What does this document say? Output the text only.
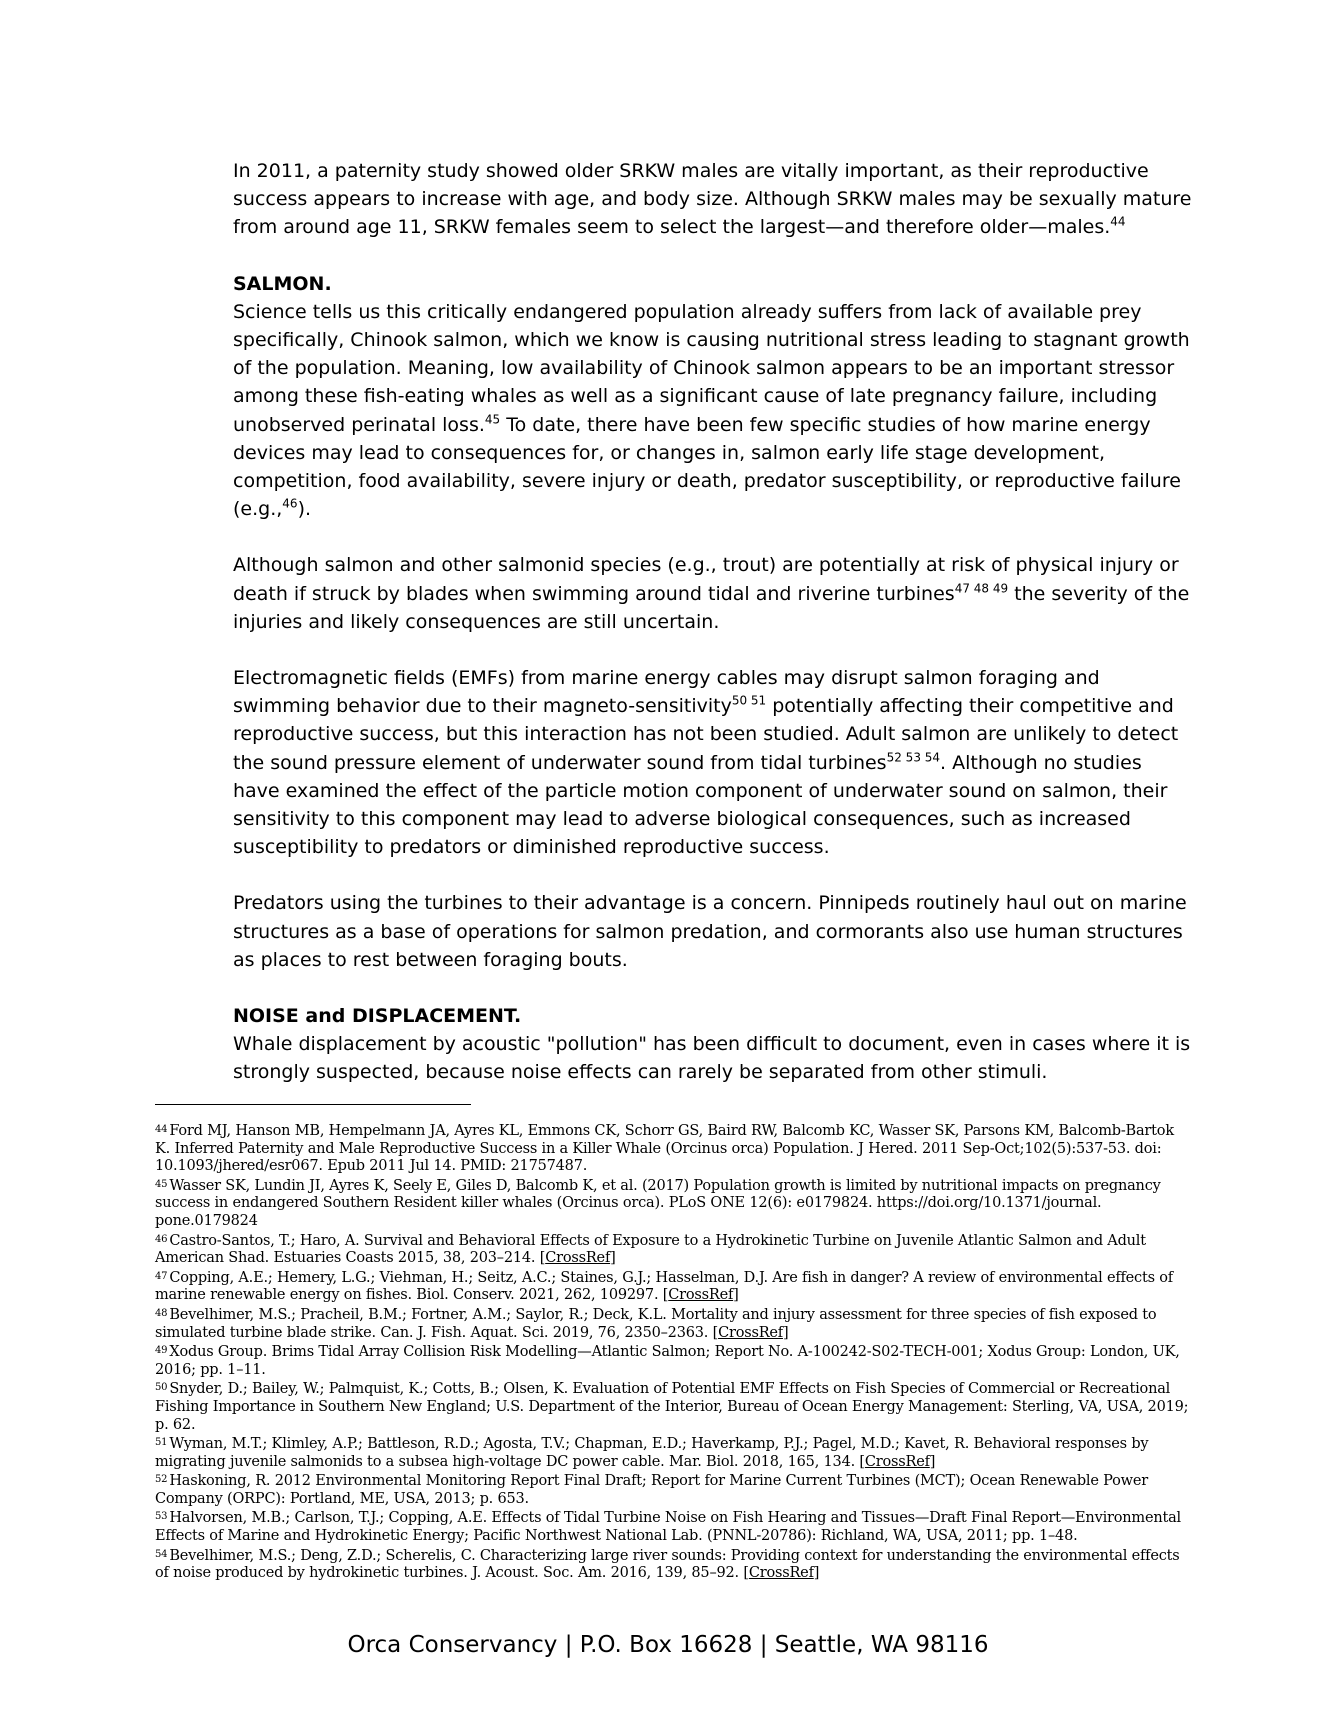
In 2011, a paternity study showed older SRKW males are vitally important, as their reproductive success appears to increase with age, and body size. Although SRKW males may be sexually mature from around age 11, SRKW females seem to select the largest—and therefore older—males.$^{44}$

SALMON.

Science tells us this critically endangered population already suffers from lack of available prey specifically, Chinook salmon, which we know is causing nutritional stress leading to stagnant growth of the population. Meaning, low availability of Chinook salmon appears to be an important stressor among these fish-eating whales as well as a significant cause of late pregnancy failure, including unobserved perinatal loss.$^{45}$ To date, there have been few specific studies of how marine energy devices may lead to consequences for, or changes in, salmon early life stage development, competition, food availability, severe injury or death, predator susceptibility, or reproductive failure (e.g.,$^{46}$).

Although salmon and other salmonid species (e.g., trout) are potentially at risk of physical injury or death if struck by blades when swimming around tidal and riverine turbines$^{47 48 49}$ the severity of the injuries and likely consequences are still uncertain.

Electromagnetic fields (EMFs) from marine energy cables may disrupt salmon foraging and swimming behavior due to their magneto-sensitivity$^{50 51}$ potentially affecting their competitive and reproductive success, but this interaction has not been studied. Adult salmon are unlikely to detect the sound pressure element of underwater sound from tidal turbines$^{52 53 54}$. Although no studies have examined the effect of the particle motion component of underwater sound on salmon, their sensitivity to this component may lead to adverse biological consequences, such as increased susceptibility to predators or diminished reproductive success.

Predators using the turbines to their advantage is a concern. Pinnipeds routinely haul out on marine structures as a base of operations for salmon predation, and cormorants also use human structures as places to rest between foraging bouts.

NOISE and DISPLACEMENT.

Whale displacement by acoustic "pollution" has been difficult to document, even in cases where it is strongly suspected, because noise effects can rarely be separated from other stimuli.

$^{44}$ Ford MJ, Hanson MB, Hempelmann JA, Ayres KL, Emmons CK, Schorr GS, Baird RW, Balcomb KC, Wasser SK, Parsons KM, Balcomb-Bartok K. Inferred Paternity and Male Reproductive Success in a Killer Whale (Orcinus orca) Population. J Hered. 2011 Sep-Oct;102(5):537-53. doi: 10.1093/jhered/esr067. Epub 2011 Jul 14. PMID: 21757487.

$^{45}$ Wasser SK, Lundin JI, Ayres K, Seely E, Giles D, Balcomb K, et al. (2017) Population growth is limited by nutritional impacts on pregnancy success in endangered Southern Resident killer whales (Orcinus orca). PLoS ONE 12(6): e0179824. https://doi.org/10.1371/journal. pone.0179824

$^{46}$ Castro-Santos, T.; Haro, A. Survival and Behavioral Effects of Exposure to a Hydrokinetic Turbine on Juvenile Atlantic Salmon and Adult American Shad. Estuaries Coasts 2015, 38, 203–214. [CrossRef]

$^{47}$ Copping, A.E.; Hemery, L.G.; Viehman, H.; Seitz, A.C.; Staines, G.J.; Hasselman, D.J. Are fish in danger? A review of environmental effects of marine renewable energy on fishes. Biol. Conserv. 2021, 262, 109297. [CrossRef]

$^{48}$ Bevelhimer, M.S.; Pracheil, B.M.; Fortner, A.M.; Saylor, R.; Deck, K.L. Mortality and injury assessment for three species of fish exposed to simulated turbine blade strike. Can. J. Fish. Aquat. Sci. 2019, 76, 2350–2363. [CrossRef]

$^{49}$ Xodus Group. Brims Tidal Array Collision Risk Modelling—Atlantic Salmon; Report No. A-100242-S02-TECH-001; Xodus Group: London, UK, 2016; pp. 1–11.

$^{50}$ Snyder, D.; Bailey, W.; Palmquist, K.; Cotts, B.; Olsen, K. Evaluation of Potential EMF Effects on Fish Species of Commercial or Recreational Fishing Importance in Southern New England; U.S. Department of the Interior, Bureau of Ocean Energy Management: Sterling, VA, USA, 2019; p. 62.

$^{51}$ Wyman, M.T.; Klimley, A.P.; Battleson, R.D.; Agosta, T.V.; Chapman, E.D.; Haverkamp, P.J.; Pagel, M.D.; Kavet, R. Behavioral responses by migrating juvenile salmonids to a subsea high-voltage DC power cable. Mar. Biol. 2018, 165, 134. [CrossRef]

$^{52}$ Haskoning, R. 2012 Environmental Monitoring Report Final Draft; Report for Marine Current Turbines (MCT); Ocean Renewable Power Company (ORPC): Portland, ME, USA, 2013; p. 653.

$^{53}$ Halvorsen, M.B.; Carlson, T.J.; Copping, A.E. Effects of Tidal Turbine Noise on Fish Hearing and Tissues—Draft Final Report—Environmental Effects of Marine and Hydrokinetic Energy; Pacific Northwest National Lab. (PNNL-20786): Richland, WA, USA, 2011; pp. 1–48.

$^{54}$ Bevelhimer, M.S.; Deng, Z.D.; Scherelis, C. Characterizing large river sounds: Providing context for understanding the environmental effects of noise produced by hydrokinetic turbines. J. Acoust. Soc. Am. 2016, 139, 85–92. [CrossRef]

Orca Conservancy | P.O. Box 16628 | Seattle, WA 98116
